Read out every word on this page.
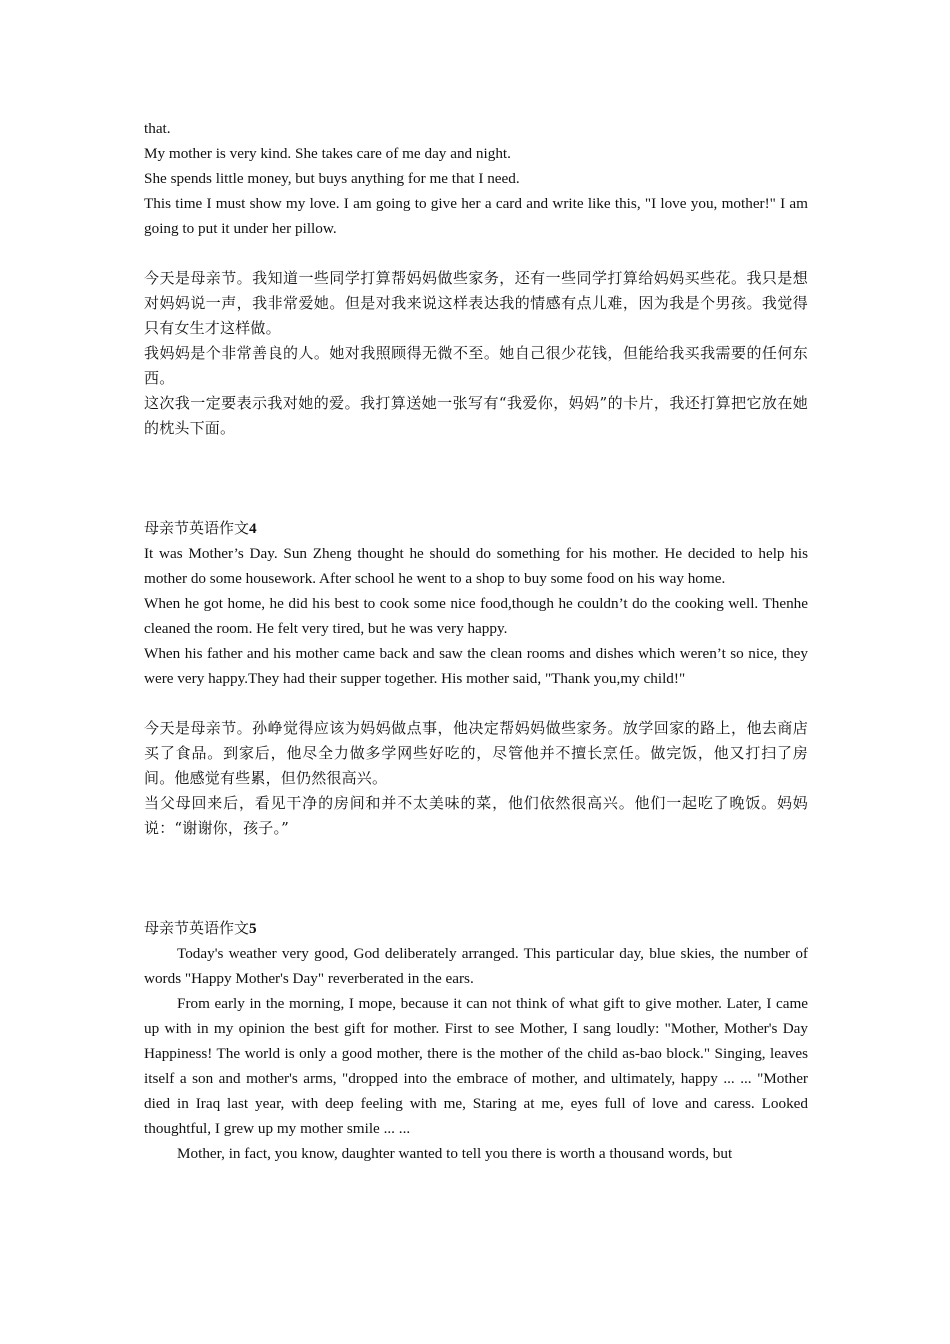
that.

My mother is very kind. She takes care of me day and night.

She spends little money, but buys anything for me that I need.

This time I must show my love. I am going to give her a card and write like this, "I love you, mother!" I am going to put it under her pillow.

今天是母亲节。我知道一些同学打算帮妈妈做些家务，还有一些同学打算给妈妈买些花。我只是想对妈妈说一声，我非常爱她。但是对我来说这样表达我的情感有点儿难，因为我是个男孩。我觉得只有女生才这样做。

我妈妈是个非常善良的人。她对我照顾得无微不至。她自己很少花钱，但能给我买我需要的任何东西。

这次我一定要表示我对她的爱。我打算送她一张写有“我爱你，妈妈”的卡片，我还打算把它放在她的枕头下面。

母亲节英语作文4

It was Mother’s Day. Sun Zheng thought he should do something for his mother. He decided to help his mother do some housework. After school he went to a shop to buy some food on his way home.

When he got home, he did his best to cook some nice food,though he couldn’t do the cooking well. Thenhe cleaned the room. He felt very tired, but he was very happy.

When his father and his mother came back and saw the clean rooms and dishes which weren’t so nice, they were very happy.They had their supper together. His mother said, "Thank you,my child!"

今天是母亲节。孙峥觉得应该为妈妈做点事，他决定帮妈妈做些家务。放学回家的路上，他去商店买了食品。到家后，他尽全力做多学网些好吃的，尽管他并不擅长烹任。做完饭，他又打扫了房间。他感觉有些累，但仍然很高兴。

当父母回来后，看见干净的房间和并不太美味的菜，他们依然很高兴。他们一起吃了晚饭。妈妈说：“谢谢你，孩子。”

母亲节英语作文5

Today's weather very good, God deliberately arranged. This particular day, blue skies, the number of words "Happy Mother's Day" reverberated in the ears.

From early in the morning, I mope, because it can not think of what gift to give mother. Later, I came up with in my opinion the best gift for mother. First to see Mother, I sang loudly: "Mother, Mother's Day Happiness! The world is only a good mother, there is the mother of the child as-bao block." Singing, leaves itself a son and mother's arms, "dropped into the embrace of mother, and ultimately, happy ... ... "Mother died in Iraq last year, with deep feeling with me, Staring at me, eyes full of love and caress. Looked thoughtful, I grew up my mother smile ... ...

Mother, in fact, you know, daughter wanted to tell you there is worth a thousand words, but
